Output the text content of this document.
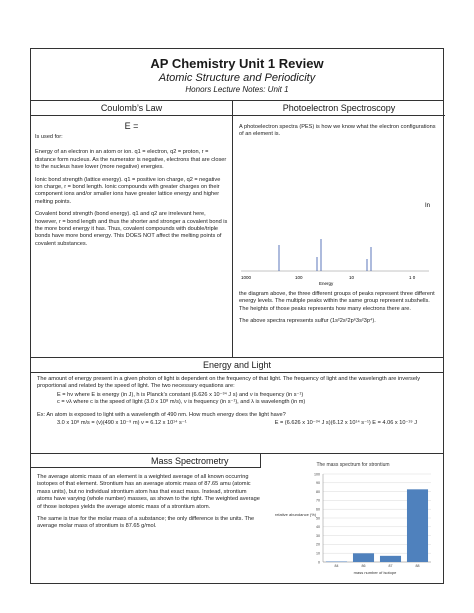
AP Chemistry Unit 1 Review
Atomic Structure and Periodicity
Honors Lecture Notes: Unit 1
Coulomb’s Law
E =

Is used for:

Energy of an electron in an atom or ion. q1 = electron, q2 = proton, r = distance form nucleus. As the numerator is negative, electrons that are closer to the nucleus have lower (more negative) energies.

Ionic bond strength (lattice energy). q1 = positive ion charge, q2 = negative ion charge, r = bond length. Ionic compounds with greater charges on their component ions and/or smaller ions have greater lattice energy and higher melting points.

Covalent bond strength (bond energy). q1 and q2 are irrelevant here, however, r = bond length and thus the shorter and stronger a covalent bond is the more bond energy it has. Thus, covalent compounds with double/triple bonds have more bond energy. This DOES NOT affect the melting points of covalent substances.

Photoelectron Spectroscopy

A photoelectron spectra (PES) is how we know what the electron configurations of an element is.

In
1000	100	10	1 0
Energy

the diagram above, the three different groups of peaks represent three different energy levels. The multiple peaks within the same group represent subshells. The heights of those peaks represents how many electrons there are.

The above spectra represents sulfur (1s²2s²2p⁶3s²3p⁴).

Energy and Light

The amount of energy present in a given photon of light is dependent on the frequency of that light. The frequency of light and the wavelength are inversely proportional and related by the speed of light. The two necessary equations are:

E = hν where E is energy (in J), h is Planck’s constant (6.626 x 10⁻³⁴ J s) and ν is frequency (in s⁻¹)
c = νλ where c is the speed of light (3.0 x 10⁸ m/s), ν is frequency (in s⁻¹), and λ is wavelength (in m)

Ex: An atom is exposed to light with a wavelength of 490 nm. How much energy does the light have?

3.0 x 10⁸ m/s = (ν)(490 x 10⁻⁹ m) ν = 6.12 x 10¹⁴ s⁻¹	E = (6.626 x 10⁻³⁴ J s)(6.12 x 10¹⁴ s⁻¹) E = 4.06 x 10⁻¹⁹ J
Mass Spectrometry

The average atomic mass of an element is a weighted average of all known occurring isotopes of that element. Strontium has an average atomic mass of 87.65 amu (atomic mass units), but no individual strontium atom has that exact mass. Instead, strontium atoms have varying (whole number) masses, as shown to the right. The weighted average of those isotopes yields the average atomic mass of a strontium atom.

The same is true for the molar mass of a substance; the only difference is the units. The average molar mass of strontium is 87.65 g/mol.

The mass spectrum for strontium
relative abundance (%)
mass number of isotope
0
10
20
30
40
50
60
70
80
90
100
84	86	87	88
